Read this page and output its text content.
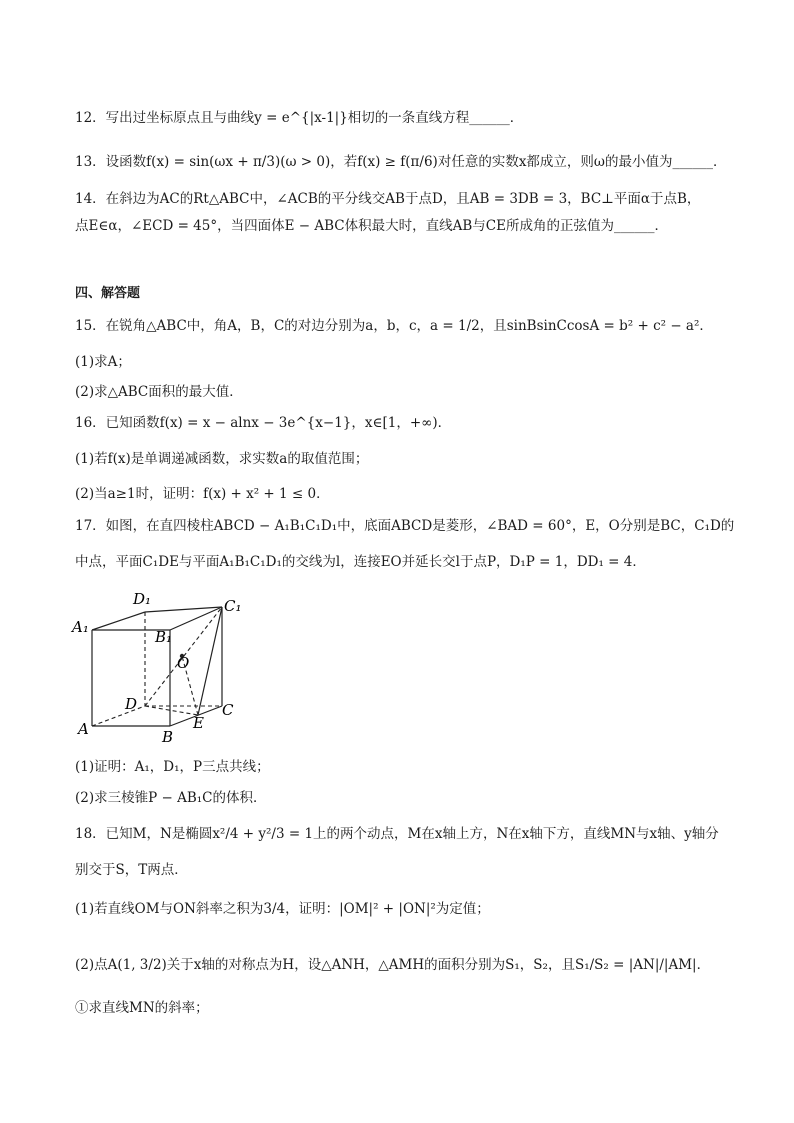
12．写出过坐标原点且与曲线y = e^{|x-1|}相切的一条直线方程______．
13．设函数f(x) = sin(ωx + π/3)(ω > 0)，若f(x) ≥ f(π/6)对任意的实数x都成立，则ω的最小值为______．
14．在斜边为AC的Rt△ABC中，∠ACB的平分线交AB于点D，且AB = 3DB = 3，BC⊥平面α于点B，
点E∈α，∠ECD = 45°，当四面体E − ABC体积最大时，直线AB与CE所成角的正弦值为______．
四、解答题
15．在锐角△ABC中，角A，B，C的对边分别为a，b，c，a = 1/2，且sinBsinCcosA = b² + c² − a²．
(1)求A；
(2)求△ABC面积的最大值．
16．已知函数f(x) = x − alnx − 3e^{x−1}，x∈[1，+∞)．
(1)若f(x)是单调递减函数，求实数a的取值范围；
(2)当a≥1时，证明：f(x) + x² + 1 ≤ 0．
17．如图，在直四棱柱ABCD − A₁B₁C₁D₁中，底面ABCD是菱形，∠BAD = 60°，E，O分别是BC，C₁D的
中点，平面C₁DE与平面A₁B₁C₁D₁的交线为l，连接EO并延长交l于点P，D₁P = 1，DD₁ = 4．
D₁	C₁
A₁
B₁
O
D	C
E
A	B
(1)证明：A₁，D₁，P三点共线；
(2)求三棱锥P − AB₁C的体积．
18．已知M，N是椭圆x²/4 + y²/3 = 1上的两个动点，M在x轴上方，N在x轴下方，直线MN与x轴、y轴分
别交于S，T两点．
(1)若直线OM与ON斜率之积为3/4，证明：|OM|² + |ON|²为定值；
(2)点A(1, 3/2)关于x轴的对称点为H，设△ANH，△AMH的面积分别为S₁，S₂，且S₁/S₂ = |AN|/|AM|．
①求直线MN的斜率；
